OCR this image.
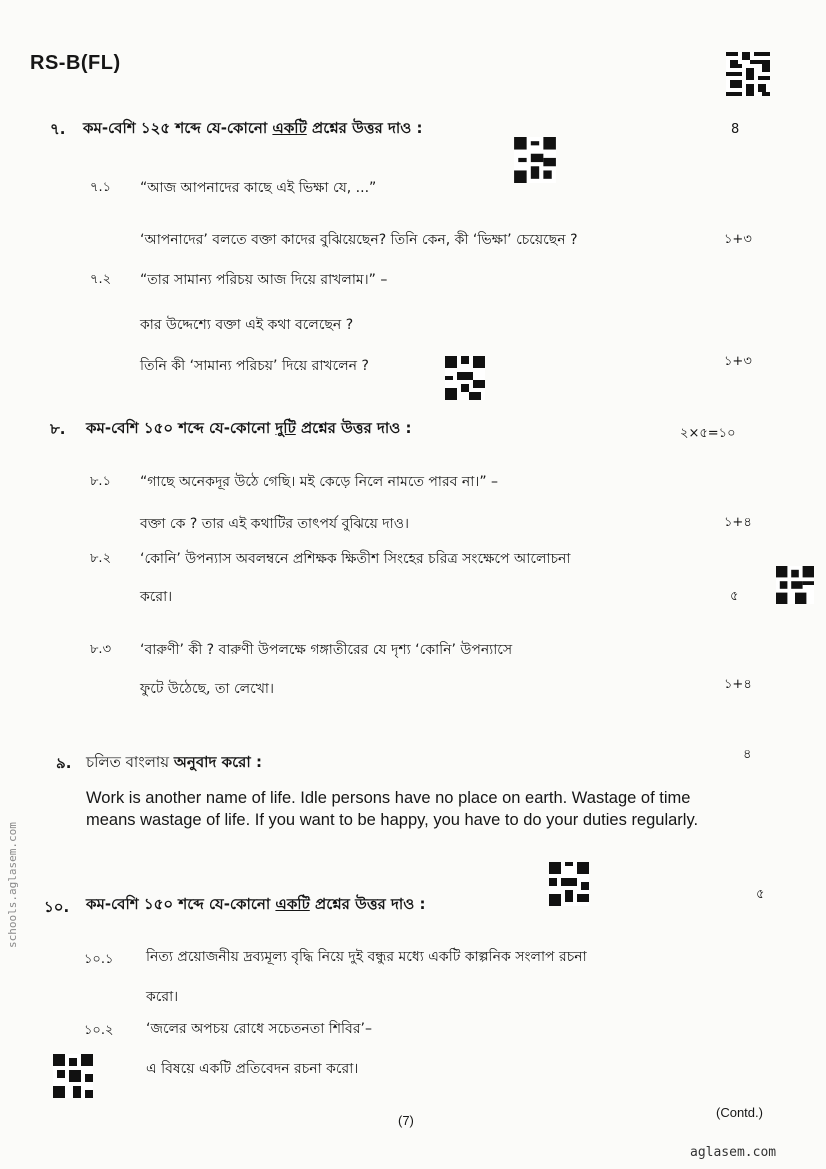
RS-B(FL)
৭. কম-বেশি ১২৫ শব্দে যে-কোনো একটি প্রশ্নের উত্তর দাও :	8
৭.১ “আজ আপনাদের কাছে এই ভিক্ষা যে, ...”
‘আপনাদের’ বলতে বক্তা কাদের বুঝিয়েছেন? তিনি কেন, কী ‘ভিক্ষা’ চেয়েছেন ?	১+৩
৭.২ “তার সামান্য পরিচয় আজ দিয়ে রাখলাম।” –
কার উদ্দেশ্যে বক্তা এই কথা বলেছেন ?
তিনি কী ‘সামান্য পরিচয়’ দিয়ে রাখলেন ?	১+৩
৮. কম-বেশি ১৫০ শব্দে যে-কোনো দুটি প্রশ্নের উত্তর দাও :	২×৫=১০
৮.১ “গাছে অনেকদূর উঠে গেছি। মই কেড়ে নিলে নামতে পারব না।” –
বক্তা কে ? তার এই কথাটির তাৎপর্য বুঝিয়ে দাও।	১+৪
৮.২ ‘কোনি’ উপন্যাস অবলম্বনে প্রশিক্ষক ক্ষিতীশ সিংহের চরিত্র সংক্ষেপে আলোচনা
করো।	৫
৮.৩ ‘বারুণী’ কী ? বারুণী উপলক্ষে গঙ্গাতীরের যে দৃশ্য ‘কোনি’ উপন্যাসে
ফুটে উঠেছে, তা লেখো।	১+৪
৯. চলিত বাংলায় অনুবাদ করো :	৪
Work is another name of life. Idle persons have no place on earth. Wastage of time means wastage of life. If you want to be happy, you have to do your duties regularly.
১০. কম-বেশি ১৫০ শব্দে যে-কোনো একটি প্রশ্নের উত্তর দাও :
৫
১০.১ নিত্য প্রয়োজনীয় দ্রব্যমূল্য বৃদ্ধি নিয়ে দুই বন্ধুর মধ্যে একটি কাল্পনিক সংলাপ রচনা
করো।
১০.২ ‘জলের অপচয় রোধে সচেতনতা শিবির’–
এ বিষয়ে একটি প্রতিবেদন রচনা করো।
(7)
(Contd.)
aglasem.com
schools.aglasem.com
